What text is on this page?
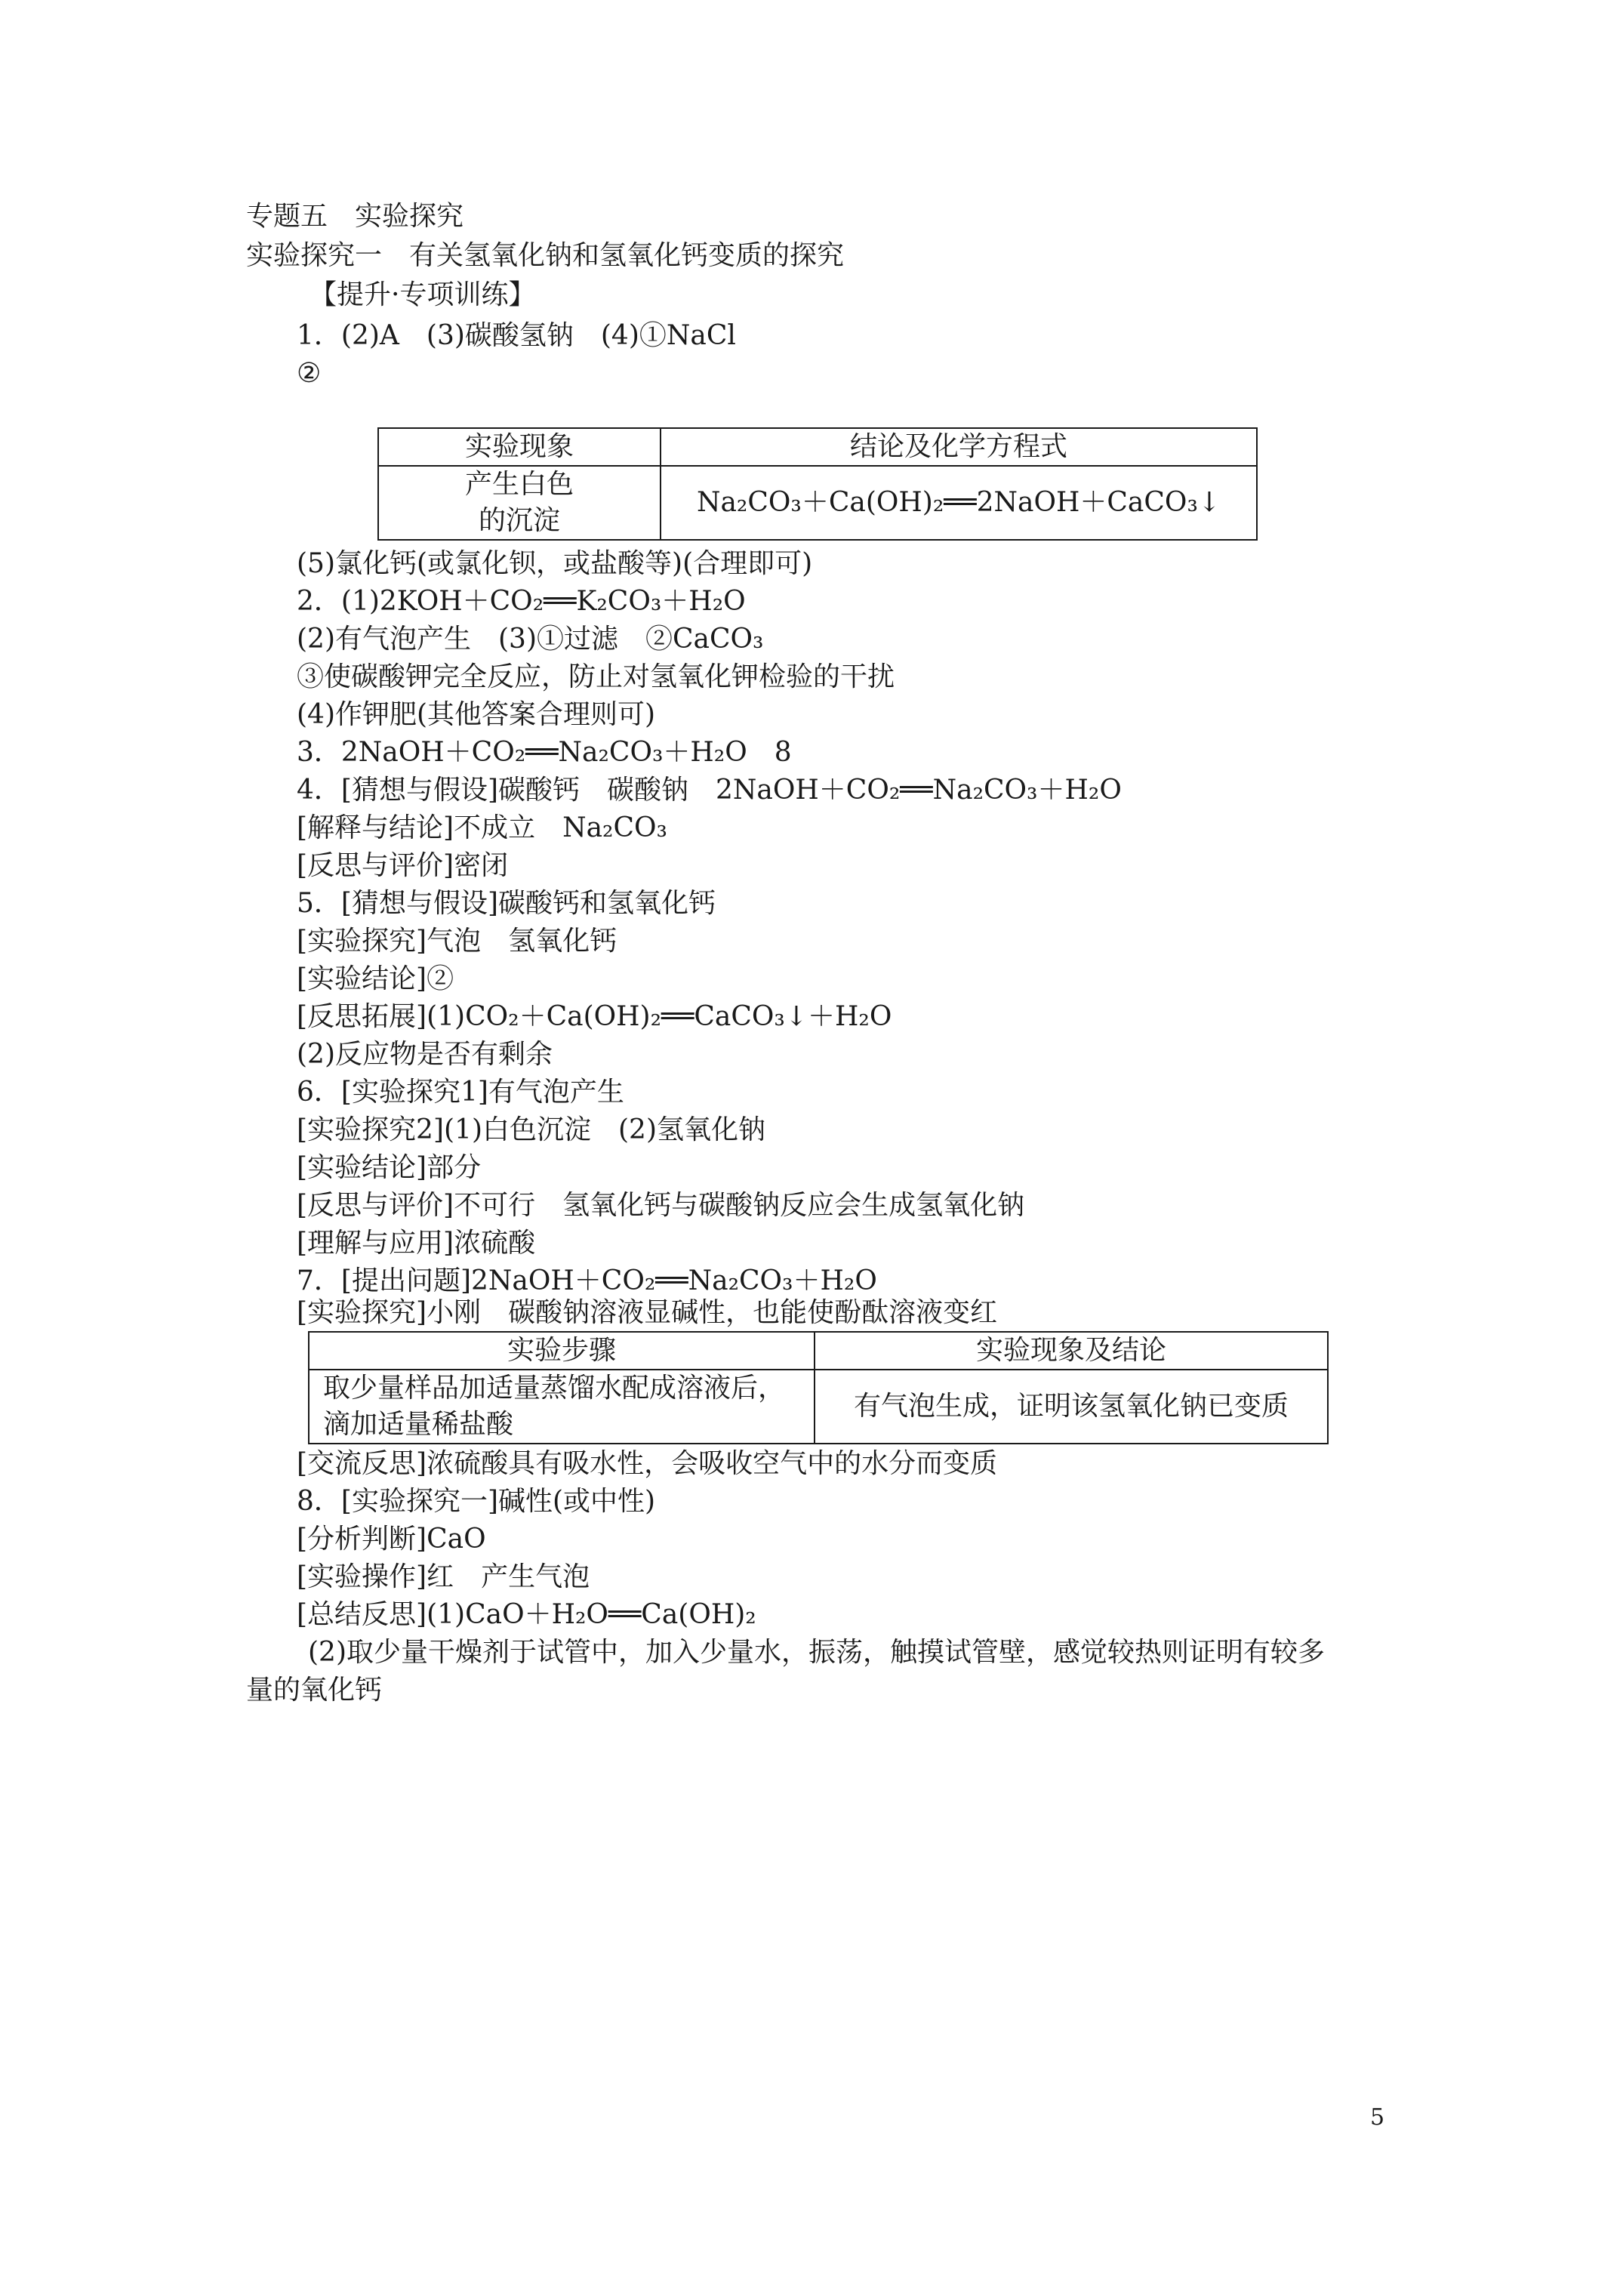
专题五　实验探究
实验探究一　有关氢氧化钠和氢氧化钙变质的探究
【提升·专项训练】
1．(2)A　(3)碳酸氢钠　(4)①NaCl
②
实验现象	结论及化学方程式

产生白色
的沉淀	Na₂CO₃＋Ca(OH)₂══2NaOH＋CaCO₃↓
(5)氯化钙(或氯化钡，或盐酸等)(合理即可)
2．(1)2KOH＋CO₂══K₂CO₃＋H₂O
(2)有气泡产生　(3)①过滤　②CaCO₃
③使碳酸钾完全反应，防止对氢氧化钾检验的干扰
(4)作钾肥(其他答案合理则可)
3．2NaOH＋CO₂══Na₂CO₃＋H₂O　8
4．[猜想与假设]碳酸钙　碳酸钠　2NaOH＋CO₂══Na₂CO₃＋H₂O
[解释与结论]不成立　Na₂CO₃
[反思与评价]密闭
5．[猜想与假设]碳酸钙和氢氧化钙
[实验探究]气泡　氢氧化钙
[实验结论]②
[反思拓展](1)CO₂＋Ca(OH)₂══CaCO₃↓＋H₂O
(2)反应物是否有剩余
6．[实验探究1]有气泡产生
[实验探究2](1)白色沉淀　(2)氢氧化钠
[实验结论]部分
[反思与评价]不可行　氢氧化钙与碳酸钠反应会生成氢氧化钠
[理解与应用]浓硫酸
7．[提出问题]2NaOH＋CO₂══Na₂CO₃＋H₂O
[实验探究]小刚　碳酸钠溶液显碱性，也能使酚酞溶液变红
实验步骤	实验现象及结论

取少量样品加适量蒸馏水配成溶液后，
滴加适量稀盐酸	有气泡生成，证明该氢氧化钠已变质
[交流反思]浓硫酸具有吸水性，会吸收空气中的水分而变质
8．[实验探究一]碱性(或中性)
[分析判断]CaO
[实验操作]红　产生气泡
[总结反思](1)CaO＋H₂O══Ca(OH)₂
(2)取少量干燥剂于试管中，加入少量水，振荡，触摸试管壁，感觉较热则证明有较多
量的氧化钙
5
